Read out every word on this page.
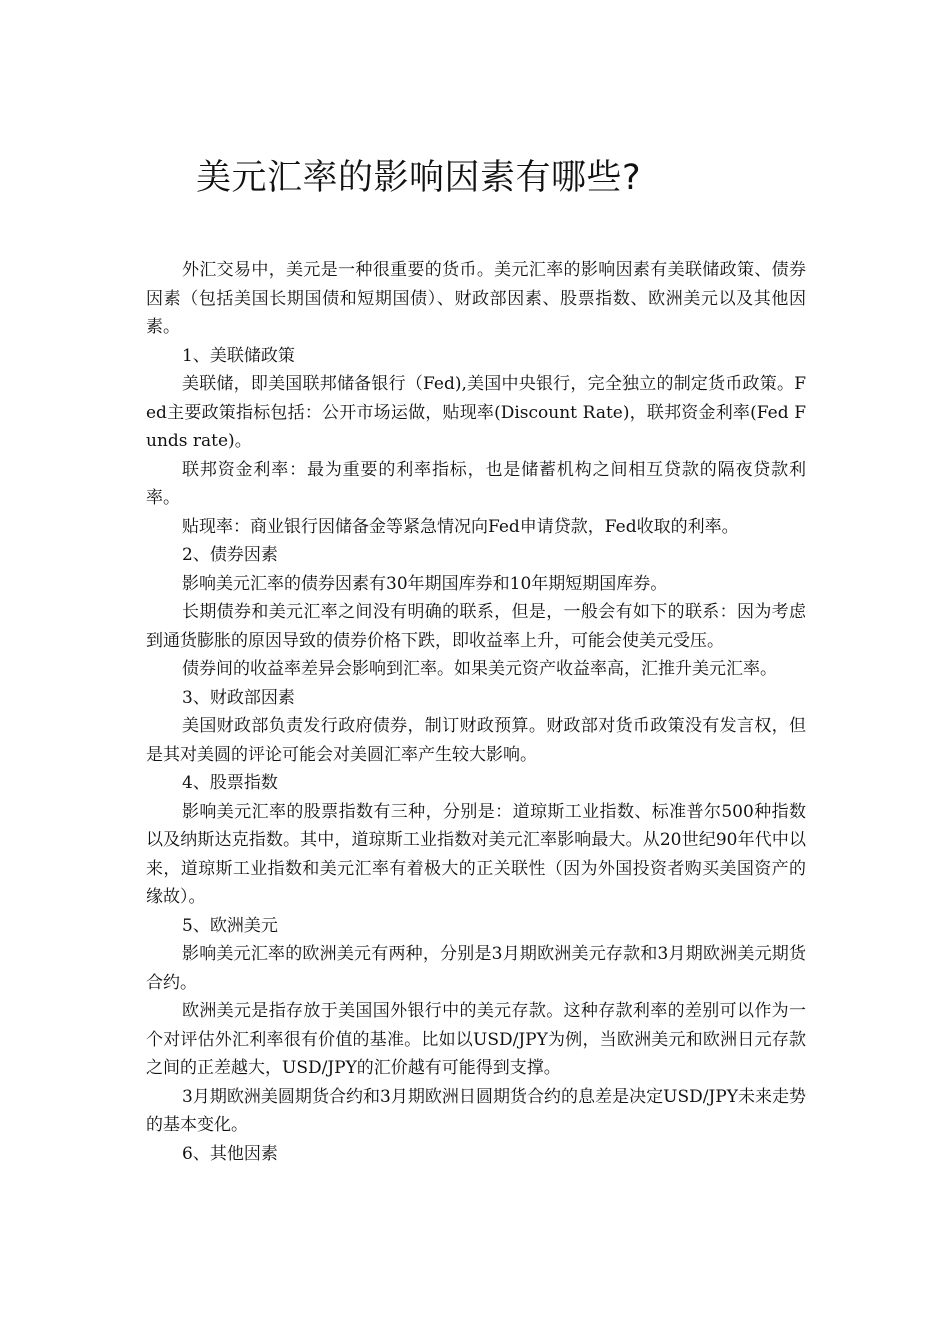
美元汇率的影响因素有哪些?

外汇交易中，美元是一种很重要的货币。美元汇率的影响因素有美联储政策、债券因素（包括美国长期国债和短期国债）、财政部因素、股票指数、欧洲美元以及其他因素。

1、美联储政策

美联储，即美国联邦储备银行（Fed),美国中央银行，完全独立的制定货币政策。Fed主要政策指标包括：公开市场运做，贴现率(Discount Rate)，联邦资金利率(Fed Funds rate)。

联邦资金利率：最为重要的利率指标，也是储蓄机构之间相互贷款的隔夜贷款利率。

贴现率：商业银行因储备金等紧急情况向Fed申请贷款，Fed收取的利率。

2、债券因素

影响美元汇率的债券因素有30年期国库券和10年期短期国库券。

长期债券和美元汇率之间没有明确的联系，但是，一般会有如下的联系：因为考虑到通货膨胀的原因导致的债券价格下跌，即收益率上升，可能会使美元受压。

债券间的收益率差异会影响到汇率。如果美元资产收益率高，汇推升美元汇率。

3、财政部因素

美国财政部负责发行政府债券，制订财政预算。财政部对货币政策没有发言权，但是其对美圆的评论可能会对美圆汇率产生较大影响。

4、股票指数

影响美元汇率的股票指数有三种，分别是：道琼斯工业指数、标准普尔500种指数以及纳斯达克指数。其中，道琼斯工业指数对美元汇率影响最大。从20世纪90年代中以来，道琼斯工业指数和美元汇率有着极大的正关联性（因为外国投资者购买美国资产的缘故）。

5、欧洲美元

影响美元汇率的欧洲美元有两种，分别是3月期欧洲美元存款和3月期欧洲美元期货合约。

欧洲美元是指存放于美国国外银行中的美元存款。这种存款利率的差别可以作为一个对评估外汇利率很有价值的基准。比如以USD/JPY为例，当欧洲美元和欧洲日元存款之间的正差越大，USD/JPY的汇价越有可能得到支撑。

3月期欧洲美圆期货合约和3月期欧洲日圆期货合约的息差是决定USD/JPY未来走势的基本变化。

6、其他因素
